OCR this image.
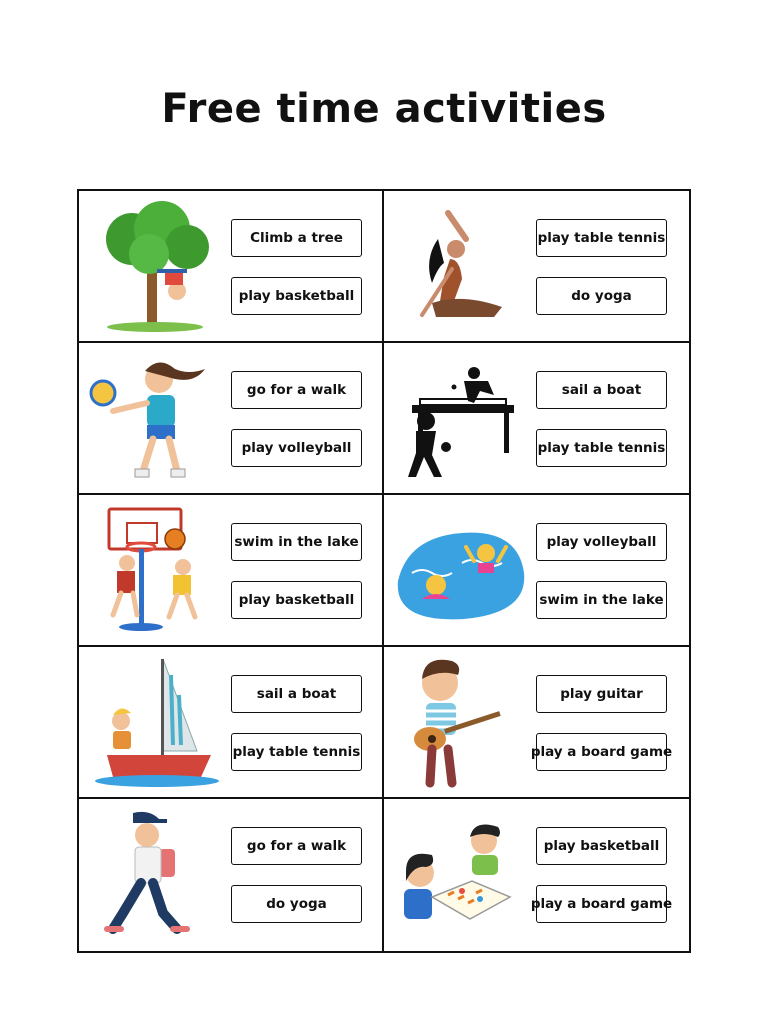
Free time activities
Climb a tree
play basketball
play table tennis
do yoga
go for a walk
play volleyball
sail a boat
play table tennis
swim in the lake
play basketball
play volleyball
swim in the lake
sail a boat
play table tennis
play guitar
play a board game
go for a walk
do yoga
play basketball
play a board game
